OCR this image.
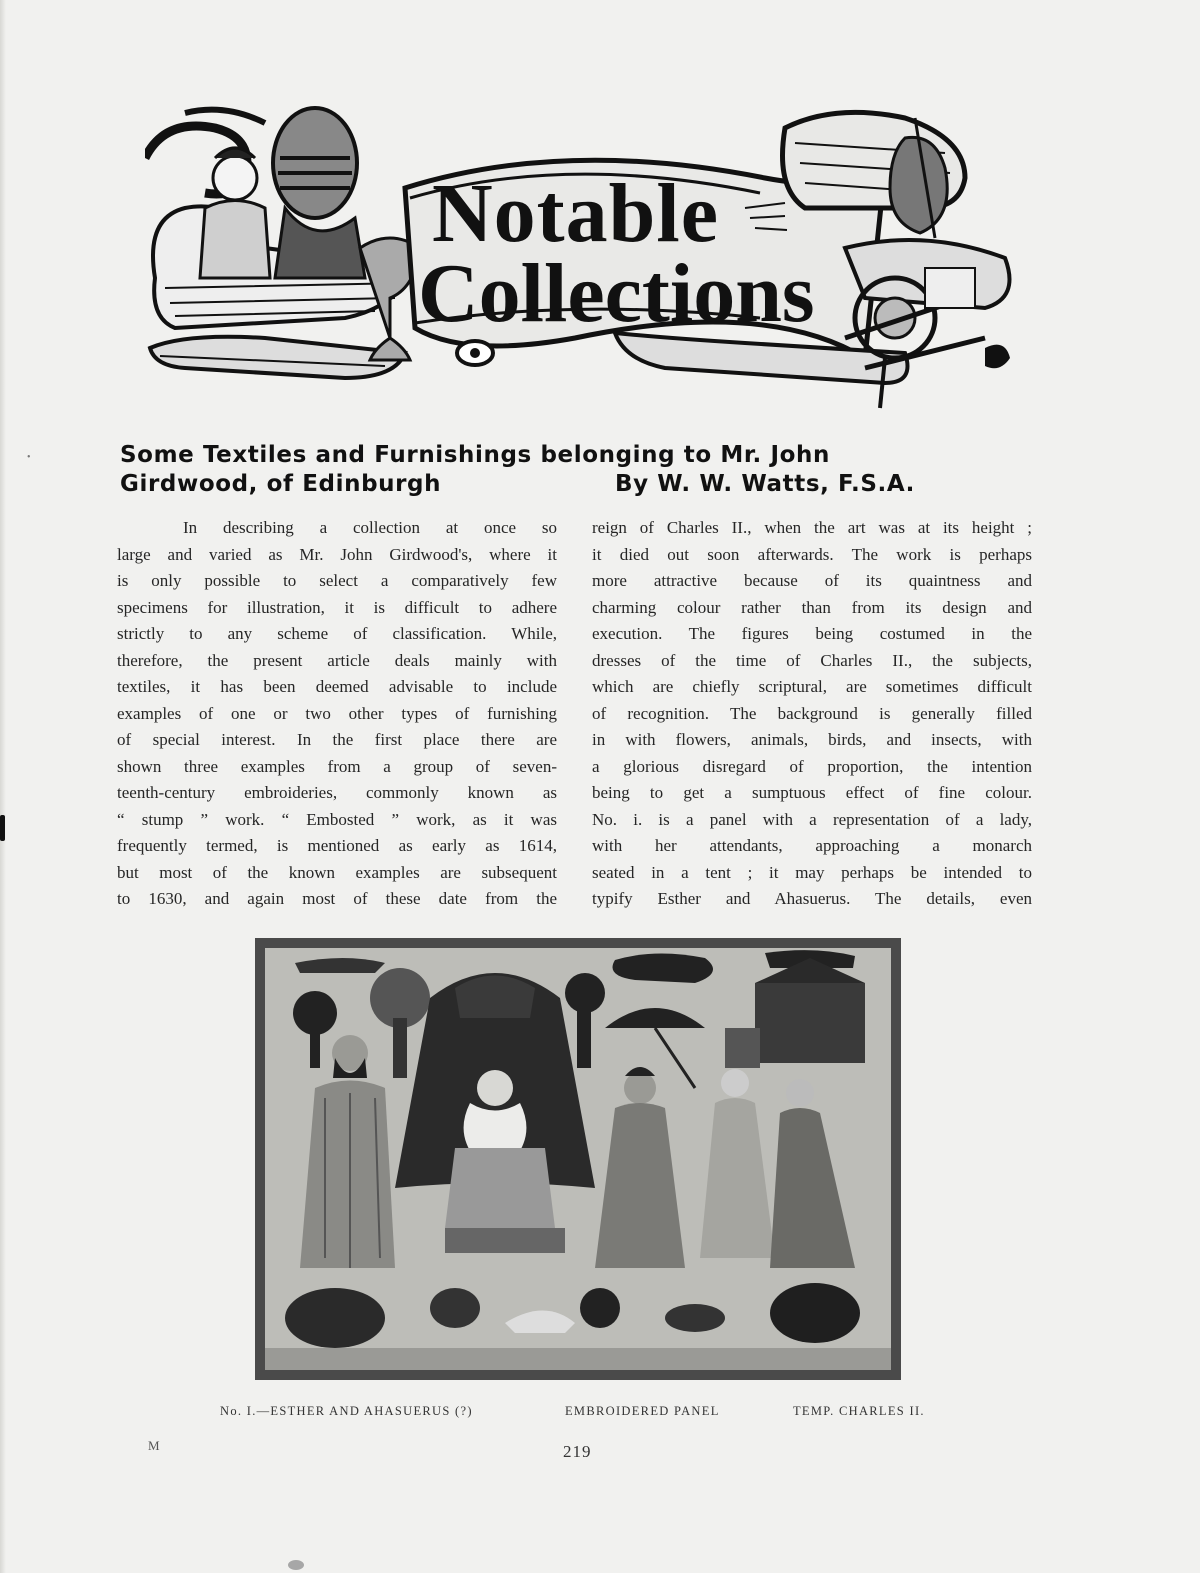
•
Notable
Collections
Some Textiles and Furnishings belonging to Mr. John
Girdwood, of Edinburgh	By W. W. Watts, F.S.A.
In describing a collection at once so
large and varied as Mr. John Girdwood's, where it
is only possible to select a comparatively few
specimens for illustration, it is difficult to adhere
strictly to any scheme of classification. While,
therefore, the present article deals mainly with
textiles, it has been deemed advisable to include
examples of one or two other types of furnishing
of special interest. In the first place there are
shown three examples from a group of seven-
teenth-century embroideries, commonly known as
“ stump ” work. “ Embosted ” work, as it was
frequently termed, is mentioned as early as 1614,
but most of the known examples are subsequent
to 1630, and again most of these date from the
reign of Charles II., when the art was at its height ;
it died out soon afterwards. The work is perhaps
more attractive because of its quaintness and
charming colour rather than from its design and
execution. The figures being costumed in the
dresses of the time of Charles II., the subjects,
which are chiefly scriptural, are sometimes difficult
of recognition. The background is generally filled
in with flowers, animals, birds, and insects, with
a glorious disregard of proportion, the intention
being to get a sumptuous effect of fine colour.
No. i. is a panel with a representation of a lady,
with her attendants, approaching a monarch
seated in a tent ; it may perhaps be intended to
typify Esther and Ahasuerus. The details, even
No. I.—ESTHER AND AHASUERUS (?)	EMBROIDERED PANEL	TEMP. CHARLES II.
M	219
